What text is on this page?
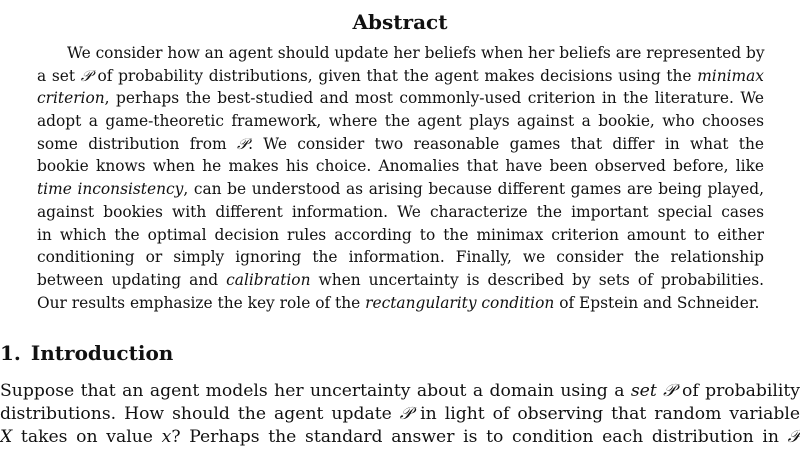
Abstract
We consider how an agent should update her beliefs when her beliefs are represented by
a set 𝒫 of probability distributions, given that the agent makes decisions using the minimax
criterion, perhaps the best-studied and most commonly-used criterion in the literature. We
adopt a game-theoretic framework, where the agent plays against a bookie, who chooses
some distribution from 𝒫. We consider two reasonable games that differ in what the
bookie knows when he makes his choice. Anomalies that have been observed before, like
time inconsistency, can be understood as arising because different games are being played,
against bookies with different information. We characterize the important special cases
in which the optimal decision rules according to the minimax criterion amount to either
conditioning or simply ignoring the information. Finally, we consider the relationship
between updating and calibration when uncertainty is described by sets of probabilities.
Our results emphasize the key role of the rectangularity condition of Epstein and Schneider.
1. Introduction
Suppose that an agent models her uncertainty about a domain using a set 𝒫 of probability
distributions. How should the agent update 𝒫 in light of observing that random variable
X takes on value x? Perhaps the standard answer is to condition each distribution in 𝒫
